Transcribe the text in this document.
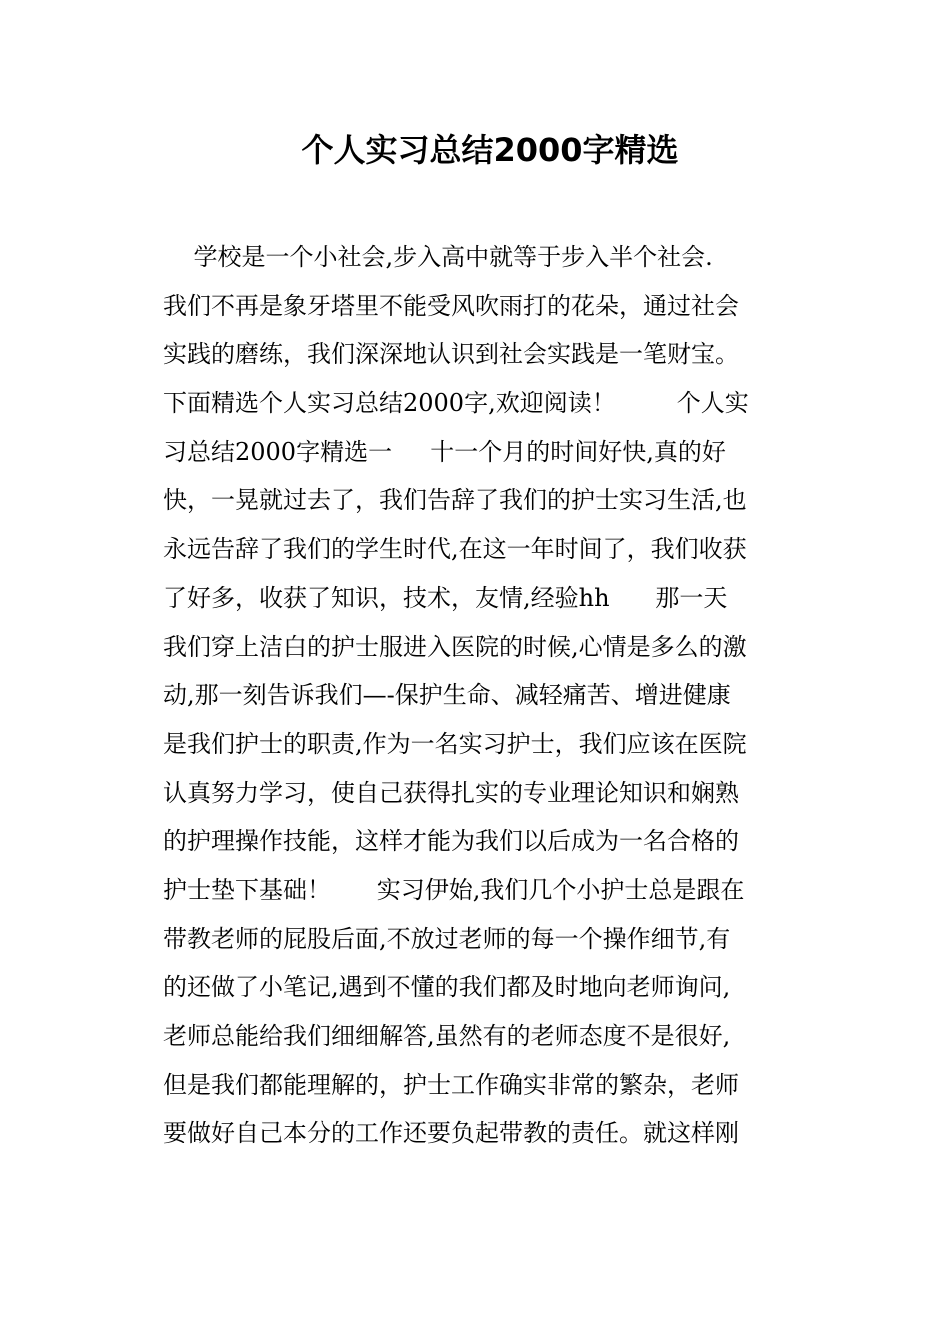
个人实习总结2000字精选
学校是一个小社会,步入高中就等于步入半个社会.
我们不再是象牙塔里不能受风吹雨打的花朵，通过社会
实践的磨练，我们深深地认识到社会实践是一笔财宝。
下面精选个人实习总结2000字,欢迎阅读！        个人实
习总结2000字精选一     十一个月的时间好快,真的好
快，一晃就过去了，我们告辞了我们的护士实习生活,也
永远告辞了我们的学生时代,在这一年时间了，我们收获
了好多，收获了知识，技术，友情,经验hh      那一天
我们穿上洁白的护士服进入医院的时候,心情是多么的激
动,那一刻告诉我们—-保护生命、减轻痛苦、增进健康
是我们护士的职责,作为一名实习护士，我们应该在医院
认真努力学习，使自己获得扎实的专业理论知识和娴熟
的护理操作技能，这样才能为我们以后成为一名合格的
护士垫下基础！      实习伊始,我们几个小护士总是跟在
带教老师的屁股后面,不放过老师的每一个操作细节,有
的还做了小笔记,遇到不懂的我们都及时地向老师询问,
老师总能给我们细细解答,虽然有的老师态度不是很好,
但是我们都能理解的，护士工作确实非常的繁杂，老师
要做好自己本分的工作还要负起带教的责任。就这样刚
